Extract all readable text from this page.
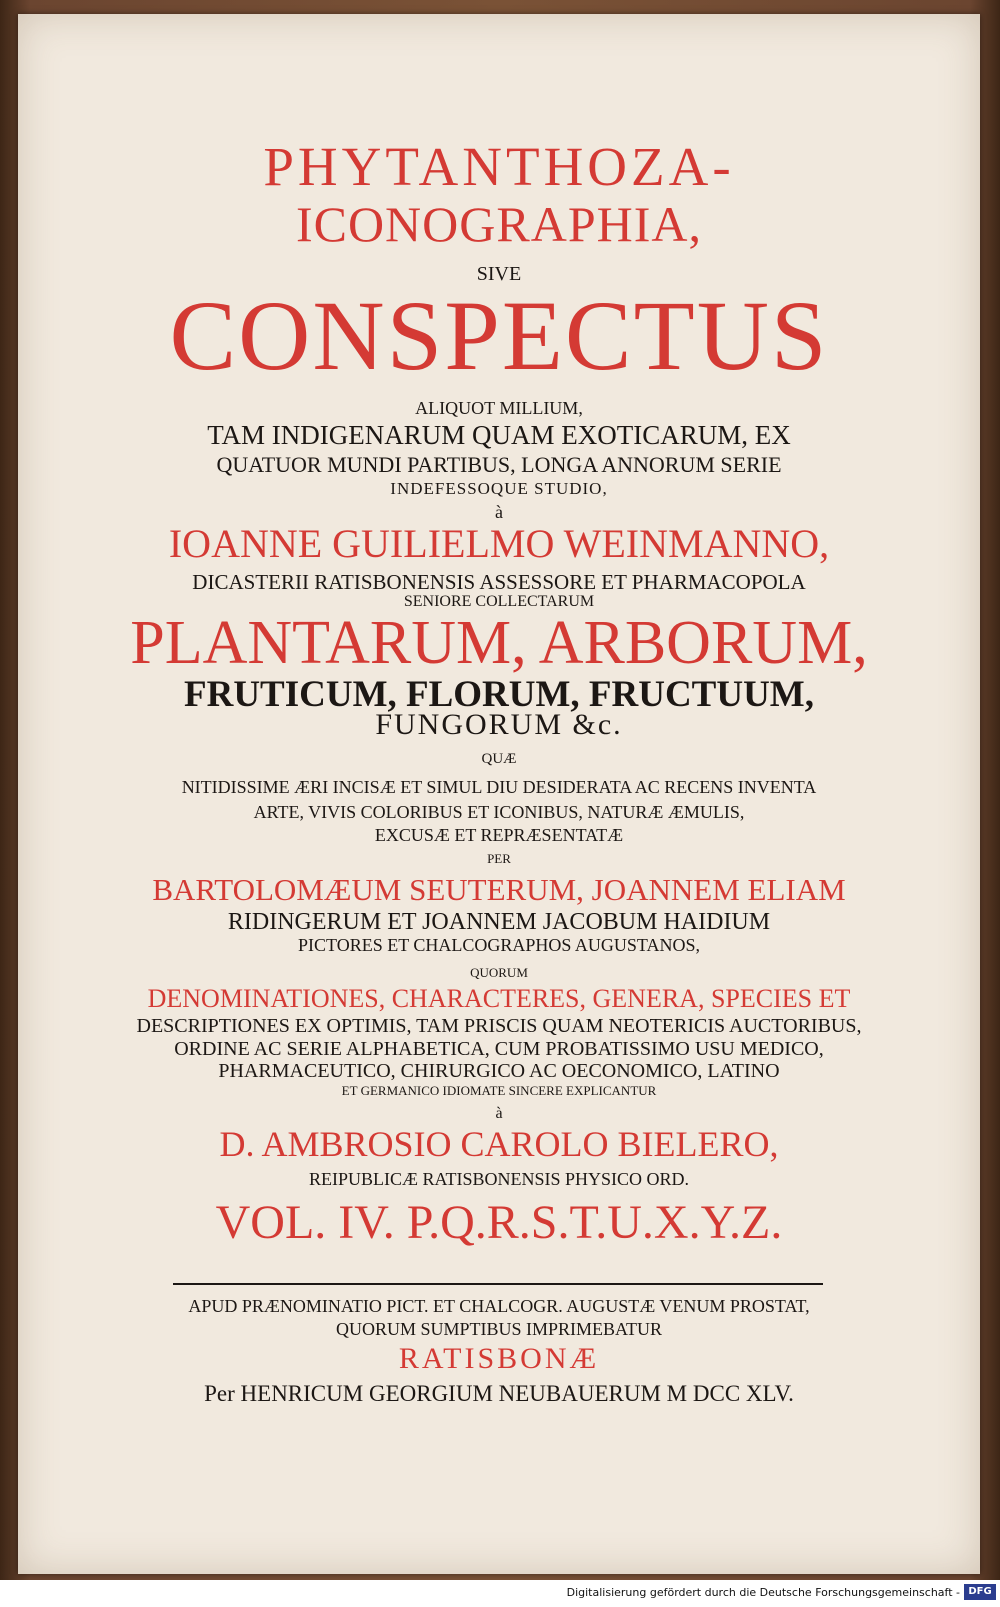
PHYTANTHOZA-
ICONOGRAPHIA,
SIVE
CONSPECTUS
ALIQUOT MILLIUM,
TAM INDIGENARUM QUAM EXOTICARUM, EX
QUATUOR MUNDI PARTIBUS, LONGA ANNORUM SERIE
INDEFESSOQUE STUDIO,
à
IOANNE GUILIELMO WEINMANNO,
DICASTERII RATISBONENSIS ASSESSORE ET PHARMACOPOLA
SENIORE COLLECTARUM
PLANTARUM, ARBORUM,
FRUTICUM, FLORUM, FRUCTUUM,
FUNGORUM &c.
QUÆ
NITIDISSIME ÆRI INCISÆ ET SIMUL DIU DESIDERATA AC RECENS INVENTA
ARTE, VIVIS COLORIBUS ET ICONIBUS, NATURÆ ÆMULIS,
EXCUSÆ ET REPRÆSENTATÆ
PER
BARTOLOMÆUM SEUTERUM, JOANNEM ELIAM
RIDINGERUM ET JOANNEM JACOBUM HAIDIUM
PICTORES ET CHALCOGRAPHOS AUGUSTANOS,
QUORUM
DENOMINATIONES, CHARACTERES, GENERA, SPECIES ET
DESCRIPTIONES EX OPTIMIS, TAM PRISCIS QUAM NEOTERICIS AUCTORIBUS,
ORDINE AC SERIE ALPHABETICA, CUM PROBATISSIMO USU MEDICO,
PHARMACEUTICO, CHIRURGICO AC OECONOMICO, LATINO
ET GERMANICO IDIOMATE SINCERE EXPLICANTUR
à
D. AMBROSIO CAROLO BIELERO,
REIPUBLICÆ RATISBONENSIS PHYSICO ORD.
VOL. IV. P.Q.R.S.T.U.X.Y.Z.
APUD PRÆNOMINATIO PICT. ET CHALCOGR. AUGUSTÆ VENUM PROSTAT,
QUORUM SUMPTIBUS IMPRIMEBATUR
RATISBONÆ
Per HENRICUM GEORGIUM NEUBAUERUM M DCC XLV.
Digitalisierung gefördert durch die Deutsche Forschungsgemeinschaft - DFG
